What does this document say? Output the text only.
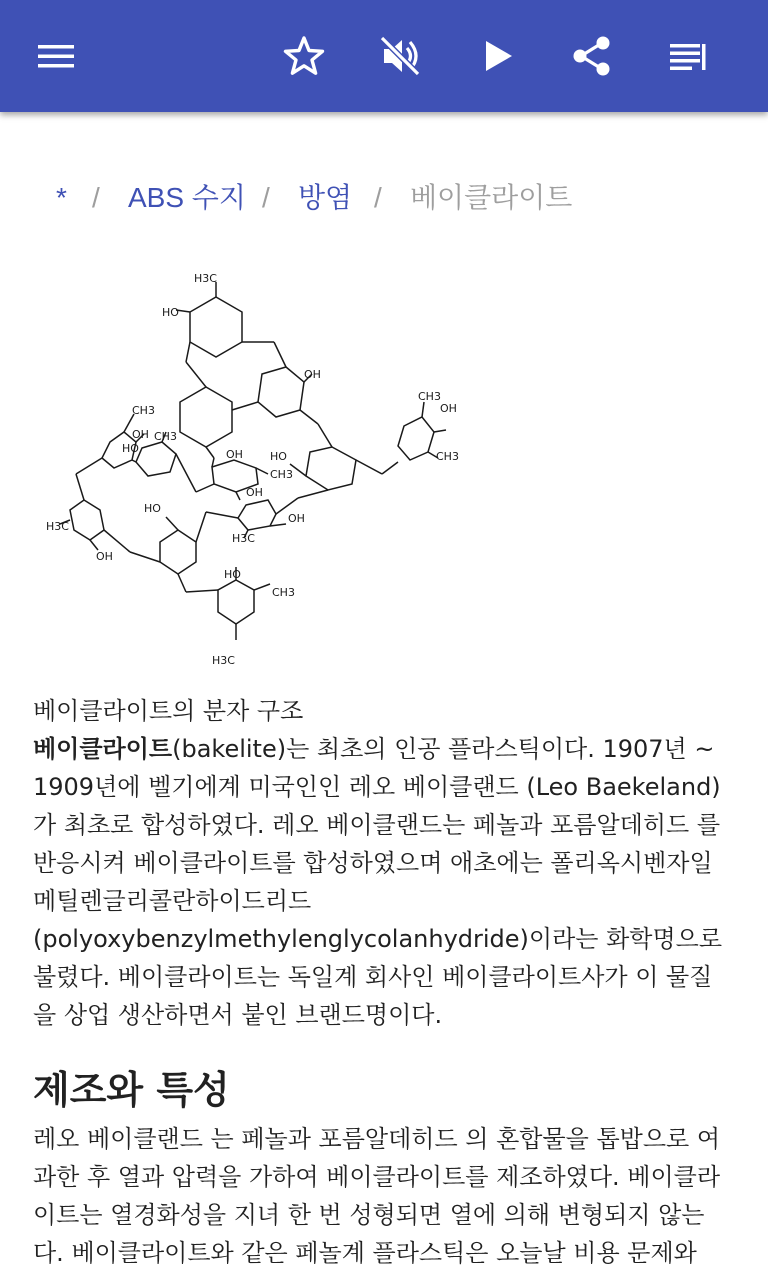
* / ABS 수지 / 방염 / 베이클라이트
H3C
HO
OH
CH3
HO
OH CH3
OH
CH3
HO
CH3
OH
HO
CH3
H3C
OH
HO
OH
H3C
OH
CH3
H3C

베이클라이트의 분자 구조

베이클라이트(bakelite)는 최초의 인공 플라스틱이다. 1907년 ~ 1909년에 벨기에계 미국인인 레오 베이클랜드 (Leo Baekeland)가 최초로 합성하였다. 레오 베이클랜드는 페놀과 포름알데히드 를 반응시켜 베이클라이트를 합성하였으며 애초에는 폴리옥시벤자일메틸렌글리콜란하이드리드 (polyoxybenzylmethylenglycolanhydride)이라는 화학명으로 불렸다. 베이클라이트는 독일계 회사인 베이클라이트사가 이 물질을 상업 생산하면서 붙인 브랜드명이다.

제조와 특성

레오 베이클랜드 는 페놀과 포름알데히드 의 혼합물을 톱밥으로 여과한 후 열과 압력을 가하여 베이클라이트를 제조하였다. 베이클라이트는 열경화성을 지녀 한 번 성형되면 열에 의해 변형되지 않는다. 베이클라이트와 같은 페놀계 플라스틱은 오늘날 비용 문제와
